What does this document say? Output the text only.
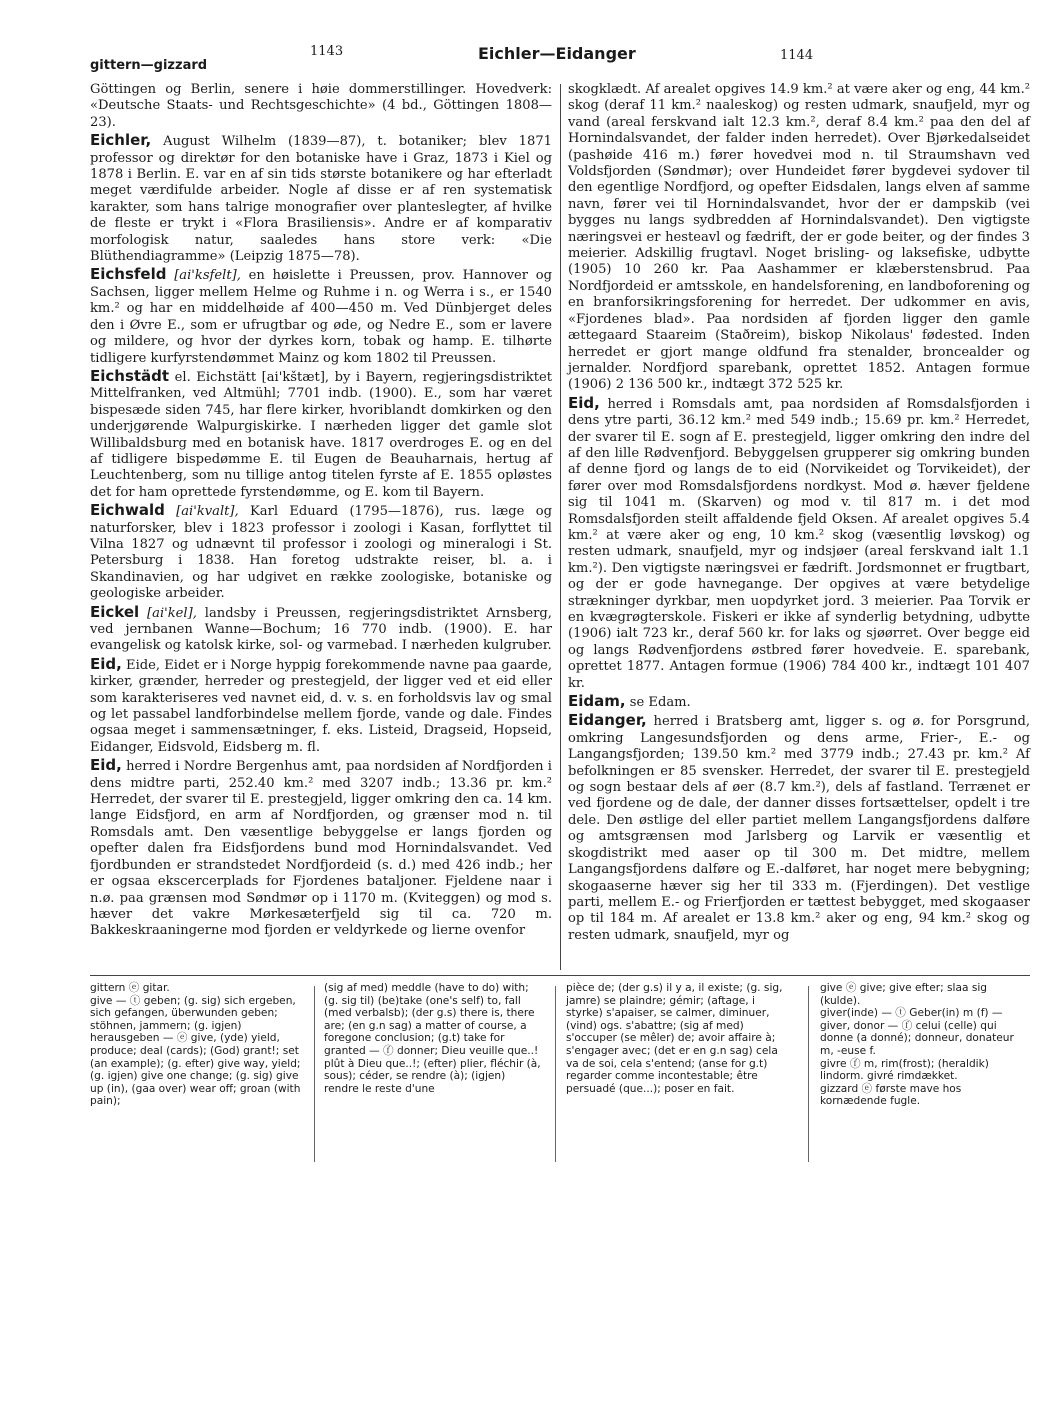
gittern—gizzard
1143	Eichler—Eidanger	1144
Göttingen og Berlin, senere i høie dommerstillinger. Hovedverk: «Deutsche Staats- und Rechtsgeschichte» (4 bd., Göttingen 1808—23).
Eichler, August Wilhelm (1839—87), t. botaniker; blev 1871 professor og direktør for den botaniske have i Graz, 1873 i Kiel og 1878 i Berlin. E. var en af sin tids største botanikere og har efterladt meget værdifulde arbeider. Nogle af disse er af ren systematisk karakter, som hans talrige monografier over planteslegter, af hvilke de fleste er trykt i «Flora Brasiliensis». Andre er af komparativ morfologisk natur, saaledes hans store verk: «Die Blüthendiagramme» (Leipzig 1875—78).
Eichsfeld [ai'ksfelt], en høislette i Preussen, prov. Hannover og Sachsen, ligger mellem Helme og Ruhme i n. og Werra i s., er 1540 km.² og har en middelhøide af 400—450 m. Ved Dünbjerget deles den i Øvre E., som er ufrugtbar og øde, og Nedre E., som er lavere og mildere, og hvor der dyrkes korn, tobak og hamp. E. tilhørte tidligere kurfyrstendømmet Mainz og kom 1802 til Preussen.
Eichstädt el. Eichstätt [ai'kštæt], by i Bayern, regjeringsdistriktet Mittelfranken, ved Altmühl; 7701 indb. (1900). E., som har været bispesæde siden 745, har flere kirker, hvoriblandt domkirken og den underjgørende Walpurgiskirke. I nærheden ligger det gamle slot Willibaldsburg med en botanisk have. 1817 overdroges E. og en del af tidligere bispedømme E. til Eugen de Beauharnais, hertug af Leuchtenberg, som nu tillige antog titelen fyrste af E. 1855 opløstes det for ham oprettede fyrstendømme, og E. kom til Bayern.
Eichwald [ai'kvalt], Karl Eduard (1795—1876), rus. læge og naturforsker, blev i 1823 professor i zoologi i Kasan, forflyttet til Vilna 1827 og udnævnt til professor i zoologi og mineralogi i St. Petersburg i 1838. Han foretog udstrakte reiser, bl. a. i Skandinavien, og har udgivet en række zoologiske, botaniske og geologiske arbeider.
Eickel [ai'kel], landsby i Preussen, regjeringsdistriktet Arnsberg, ved jernbanen Wanne—Bochum; 16 770 indb. (1900). E. har evangelisk og katolsk kirke, sol- og varmebad. I nærheden kulgruber.
Eid, Eide, Eidet er i Norge hyppig forekommende navne paa gaarde, kirker, grænder, herreder og prestegjeld, der ligger ved et eid eller som karakteriseres ved navnet eid, d. v. s. en forholdsvis lav og smal og let passabel landforbindelse mellem fjorde, vande og dale. Findes ogsaa meget i sammensætninger, f. eks. Listeid, Dragseid, Hopseid, Eidanger, Eidsvold, Eidsberg m. fl.
Eid, herred i Nordre Bergenhus amt, paa nordsiden af Nordfjorden i dens midtre parti, 252.40 km.² med 3207 indb.; 13.36 pr. km.² Herredet, der svarer til E. prestegjeld, ligger omkring den ca. 14 km. lange Eidsfjord, en arm af Nordfjorden, og grænser mod n. til Romsdals amt. Den væsentlige bebyggelse er langs fjorden og opefter dalen fra Eidsfjordens bund mod Hornindalsvandet. Ved fjordbunden er strandstedet Nordfjordeid (s. d.) med 426 indb.; her er ogsaa ekscercerplads for Fjordenes bataljoner. Fjeldene naar i n.ø. paa grænsen mod Søndmør op i 1170 m. (Kviteggen) og mod s. hæver det vakre Mørkesæterfjeld sig til ca. 720 m. Bakkeskraaningerne mod fjorden er veldyrkede og lierne ovenfor
skogklædt. Af arealet opgives 14.9 km.² at være aker og eng, 44 km.² skog (deraf 11 km.² naaleskog) og resten udmark, snaufjeld, myr og vand (areal ferskvand ialt 12.3 km.², deraf 8.4 km.² paa den del af Hornindalsvandet, der falder inden herredet). Over Bjørkedalseidet (pashøide 416 m.) fører hovedvei mod n. til Straumshavn ved Voldsfjorden (Søndmør); over Hundeidet fører bygdevei sydover til den egentlige Nordfjord, og opefter Eidsdalen, langs elven af samme navn, fører vei til Hornindalsvandet, hvor der er dampskib (vei bygges nu langs sydbredden af Hornindalsvandet). Den vigtigste næringsvei er hesteavl og fædrift, der er gode beiter, og der findes 3 meierier. Adskillig frugtavl. Noget brisling- og laksefiske, udbytte (1905) 10 260 kr. Paa Aashammer er klæberstensbrud. Paa Nordfjordeid er amtsskole, en handelsforening, en landboforening og en branforsikringsforening for herredet. Der udkommer en avis, «Fjordenes blad». Paa nordsiden af fjorden ligger den gamle ættegaard Staareim (Staðreim), biskop Nikolaus' fødested. Inden herredet er gjort mange oldfund fra stenalder, broncealder og jernalder. Nordfjord sparebank, oprettet 1852. Antagen formue (1906) 2 136 500 kr., indtægt 372 525 kr.
Eid, herred i Romsdals amt, paa nordsiden af Romsdalsfjorden i dens ytre parti, 36.12 km.² med 549 indb.; 15.69 pr. km.² Herredet, der svarer til E. sogn af E. prestegjeld, ligger omkring den indre del af den lille Rødvenfjord. Bebyggelsen grupperer sig omkring bunden af denne fjord og langs de to eid (Norvikeidet og Torvikeidet), der fører over mod Romsdalsfjordens nordkyst. Mod ø. hæver fjeldene sig til 1041 m. (Skarven) og mod v. til 817 m. i det mod Romsdalsfjorden steilt affaldende fjeld Oksen. Af arealet opgives 5.4 km.² at være aker og eng, 10 km.² skog (væsentlig løvskog) og resten udmark, snaufjeld, myr og indsjøer (areal ferskvand ialt 1.1 km.²). Den vigtigste næringsvei er fædrift. Jordsmonnet er frugtbart, og der er gode havnegange. Der opgives at være betydelige strækninger dyrkbar, men uopdyrket jord. 3 meierier. Paa Torvik er en kvægrøgterskole. Fiskeri er ikke af synderlig betydning, udbytte (1906) ialt 723 kr., deraf 560 kr. for laks og sjøørret. Over begge eid og langs Rødvenfjordens østbred fører hovedveie. E. sparebank, oprettet 1877. Antagen formue (1906) 784 400 kr., indtægt 101 407 kr.
Eidam, se Edam.
Eidanger, herred i Bratsberg amt, ligger s. og ø. for Porsgrund, omkring Langesundsfjorden og dens arme, Frier-, E.- og Langangsfjorden; 139.50 km.² med 3779 indb.; 27.43 pr. km.² Af befolkningen er 85 svensker. Herredet, der svarer til E. prestegjeld og sogn bestaar dels af øer (8.7 km.²), dels af fastland. Terrænet er ved fjordene og de dale, der danner disses fortsættelser, opdelt i tre dele. Den østlige del eller partiet mellem Langangsfjordens dalføre og amtsgrænsen mod Jarlsberg og Larvik er væsentlig et skogdistrikt med aaser op til 300 m. Det midtre, mellem Langangsfjordens dalføre og E.-dalføret, har noget mere bebygning; skogaaserne hæver sig her til 333 m. (Fjerdingen). Det vestlige parti, mellem E.- og Frierfjorden er tættest bebygget, med skogaaser op til 184 m. Af arealet er 13.8 km.² aker og eng, 94 km.² skog og resten udmark, snaufjeld, myr og
gittern ⓔ gitar.
give — ⓣ geben; (g. sig) sich ergeben, sich gefangen, überwunden geben; stöhnen, jammern; (g. igjen) herausgeben — ⓔ give, (yde) yield, produce; deal (cards); (God) grant!; set (an example); (g. efter) give way, yield; (g. igjen) give one change; (g. sig) give up (in), (gaa over) wear off; groan (with pain);
(sig af med) meddle (have to do) with; (g. sig til) (be)take (one's self) to, fall (med verbalsb); (der g.s) there is, there are; (en g.n sag) a matter of course, a foregone conclusion; (g.t) take for granted — ⓕ donner; Dieu veuille que..! plût à Dieu que..!; (efter) plier, fléchir (à, sous); céder, se rendre (à); (igjen) rendre le reste d'une
pièce de; (der g.s) il y a, il existe; (g. sig, jamre) se plaindre; gémir; (aftage, i styrke) s'apaiser, se calmer, diminuer, (vind) ogs. s'abattre; (sig af med) s'occuper (se mêler) de; avoir affaire à; s'engager avec; (det er en g.n sag) cela va de soi, cela s'entend; (anse for g.t) regarder comme incontestable; être persuadé (que...); poser en fait.
give ⓔ give; give efter; slaa sig (kulde).
giver(inde) — ⓣ Geber(in) m (f) — giver, donor — ⓕ celui (celle) qui donne (a donné); donneur, donateur m, -euse f.
givre ⓕ m, rim(frost); (heraldik) lindorm. givré rimdækket.
gizzard ⓔ første mave hos kornædende fugle.
